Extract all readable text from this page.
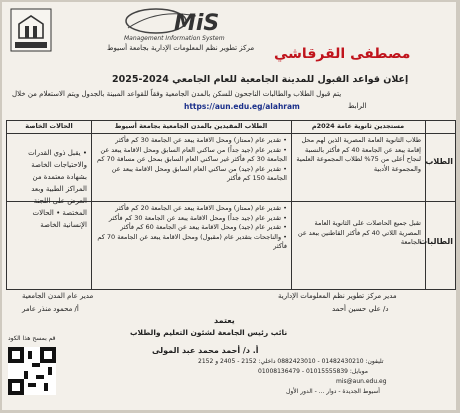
MiS
Management Information System
مركز تطوير نظم المعلومات الإدارية بجامعة أسيوط مصطفى القرقاشي
إعلان قواعد القبول للمدينة الجامعية للعام الجامعي 2024-2025
يتم قبول الطلاب والطالبات الناجحون للسكن بالمدن الجامعية وفقاً للقواعد المبينة بالجدول ويتم الاستعلام من خلال
الرابط
https://aun.edu.eg/alahram
مستجدين ثانوية عامة 2024م
الطلاب المقيدين بالمدن الجامعية بجامعة أسيوط
الحالات الخاصة
الطلاب
طلاب الثانوية العامة المصرية الذين لهم محل إقامة يبعد عن الجامعة 40 كم فأكثر بالنسبة لنجاح أعلى من 75% لطلاب المجموعة العلمية والمجموعة الأدبية
• تقدير عام (ممتاز) ومحل الاقامة يبعد عن الجامعة 30 كم فأكثر
• تقدير عام (جيد جداً) من ساكني العام السابق ومحل الاقامة يبعد عن الجامعة 30 كم فأكثر غير ساكني العام السابق بمحل عن مسافة 70 كم
• تقدير عام (جيد) من ساكني العام السابق ومحل الاقامة يبعد عن الجامعة 150 كم فأكثر
الطالبات
تقبل جميع الحاصلات على الثانوية العامة المصرية اللاتي 40 كم فأكثر القاطنين ببعد عن الجامعة
• تقدير عام (ممتاز) ومحل الاقامة يبعد عن الجامعة 20 كم فأكثر
• تقدير عام (جيد جداً) ومحل الاقامة يبعد عن الجامعة 30 كم فأكثر
• تقدير عام (جيد) ومحل الاقامة يبعد عن الجامعة 60 كم فأكثر
• والناجحات بتقدير عام (مقبول) ومحل الاقامة يبعد عن الجامعة 70 كم فأكثر
• يقبل ذوي القدرات والاحتياجات الخاصة بشهادة معتمدة من المراكز الطبية وبعد العرض على اللجنة المختصة • الحالات الإنسانية الخاصة
مدير عام المدن الجامعية
أ/ محمود منذر عامر
مدير مركز تطوير نظم المعلومات الإدارية
د/ علي حسين أحمد
يعتمد
نائب رئيس الجامعة لشئون التعليم والطلاب
أ. د/ أحمد محمد عبد المولى
قم بمسح هذا الكود
تليفون: 01482430210 - 0882423010 داخلي: 2152 - 2405 و 2152
موبايل: 01015555839 - 01008136479
mis@aun.edu.eg
أسيوط الجديدة - دوار ... - الدور الأول
